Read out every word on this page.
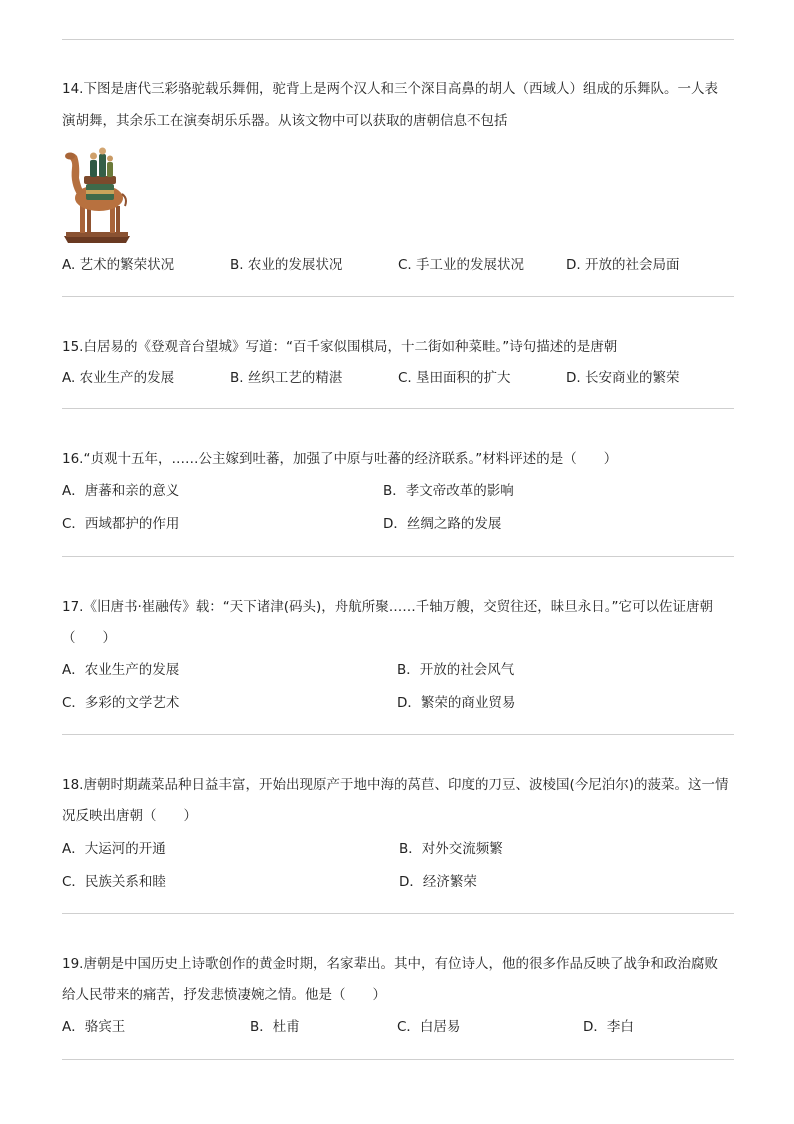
14.下图是唐代三彩骆驼载乐舞佣，驼背上是两个汉人和三个深目高鼻的胡人（西域人）组成的乐舞队。一人表
演胡舞，其余乐工在演奏胡乐乐器。从该文物中可以获取的唐朝信息不包括
A. 艺术的繁荣状况	B. 农业的发展状况	C. 手工业的发展状况	D. 开放的社会局面
15.白居易的《登观音台望城》写道：“百千家似围棋局，十二街如种菜畦。”诗句描述的是唐朝
A. 农业生产的发展	B. 丝织工艺的精湛	C. 垦田面积的扩大	D. 长安商业的繁荣
16.“贞观十五年，……公主嫁到吐蕃，加强了中原与吐蕃的经济联系。”材料评述的是（　　）
A．唐蕃和亲的意义	B．孝文帝改革的影响
C．西域都护的作用	D．丝绸之路的发展
17.《旧唐书·崔融传》载：“天下诸津(码头)，舟航所聚……千轴万艘，交贸往还，昧旦永日。”它可以佐证唐朝
（　　）
A．农业生产的发展	B．开放的社会风气
C．多彩的文学艺术	D．繁荣的商业贸易
18.唐朝时期蔬菜品种日益丰富，开始出现原产于地中海的莴苣、印度的刀豆、波棱国(今尼泊尔)的菠菜。这一情
况反映出唐朝（　　）
A．大运河的开通	B．对外交流频繁
C．民族关系和睦	D．经济繁荣
19.唐朝是中国历史上诗歌创作的黄金时期，名家辈出。其中，有位诗人，他的很多作品反映了战争和政治腐败
给人民带来的痛苦，抒发悲愤凄婉之情。他是（　　）
A．骆宾王	B．杜甫	C．白居易	D．李白
